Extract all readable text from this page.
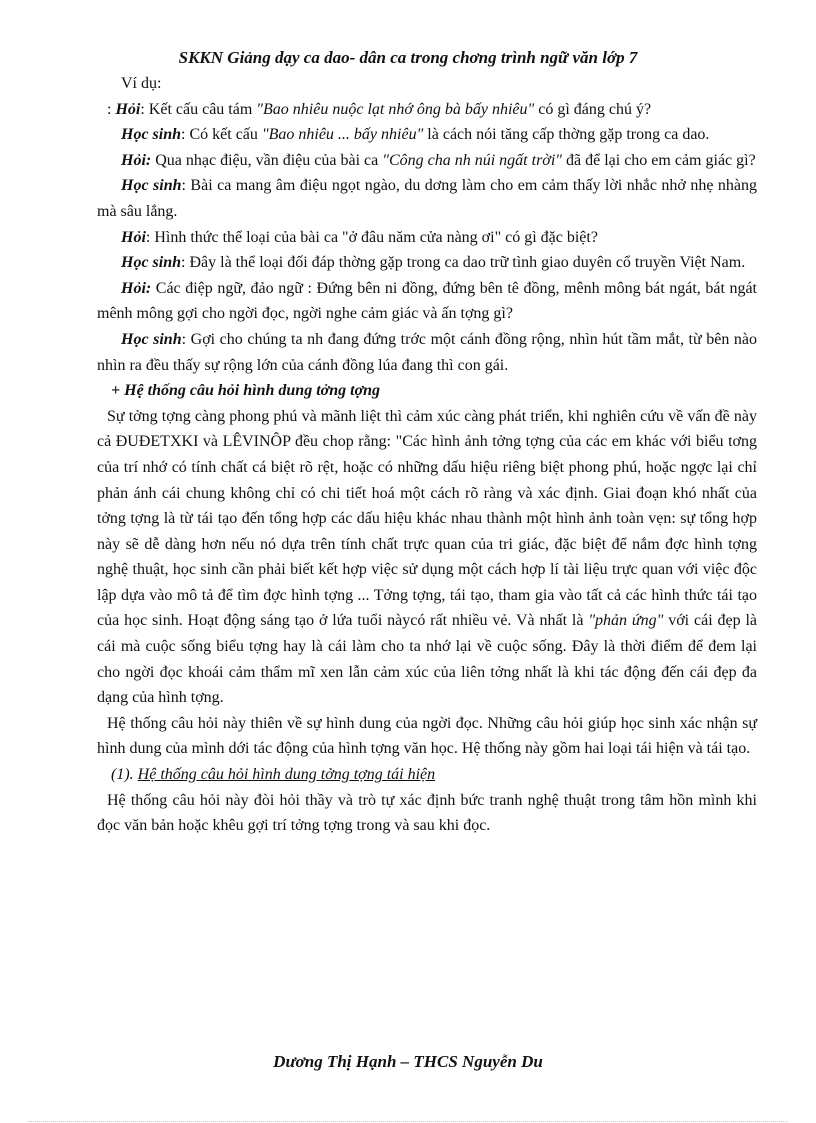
SKKN Giảng dạy ca dao- dân ca trong chơng trình ngữ văn lớp 7

Ví dụ:

: Hỏi: Kết cấu câu tám "Bao nhiêu nuộc lạt nhớ ông bà bấy nhiêu" có gì đáng chú ý?

Học sinh: Có kết cấu "Bao nhiêu ... bấy nhiêu" là cách nói tăng cấp thờng gặp trong ca dao.

Hỏi: Qua nhạc điệu, vần điệu của bài ca "Công cha nh núi ngất trời" đã để lại cho em cảm giác gì?

Học sinh: Bài ca mang âm điệu ngọt ngào, du dơng làm cho em cảm thấy lời nhắc nhở nhẹ nhàng mà sâu lắng.

Hỏi: Hình thức thể loại của bài ca "ở đâu năm cửa nàng ơi" có gì đặc biệt?

Học sinh: Đây là thể loại đối đáp thờng gặp trong ca dao trữ tình giao duyên cổ truyền Việt Nam.

Hỏi: Các điệp ngữ, đảo ngữ : Đứng bên ni đồng, đứng bên tê đồng, mênh mông bát ngát, bát ngát mênh mông gợi cho ngời đọc, ngời nghe cảm giác và ấn tợng gì?

Học sinh: Gợi cho chúng ta nh đang đứng trớc một cánh đồng rộng, nhìn hút tầm mắt, từ bên nào nhìn ra đều thấy sự rộng lớn của cánh đồng lúa đang thì con gái.

+ Hệ thống câu hỏi hình dung tởng tợng

Sự tởng tợng càng phong phú và mãnh liệt thì cảm xúc càng phát triển, khi nghiên cứu về vấn đề này cả ĐUĐETXKI và LÊVINÔP đều chop rằng: "Các hình ảnh tởng tợng của các em khác với biểu tơng của trí nhớ có tính chất cá biệt rõ rệt, hoặc có những dấu hiệu riêng biệt phong phú, hoặc ngợc lại chỉ phản ánh cái chung không chỉ có chi tiết hoá một cách rõ ràng và xác định. Giai đoạn khó nhất của tởng tợng là từ tái tạo đến tổng hợp các dấu hiệu khác nhau thành một hình ảnh toàn vẹn: sự tổng hợp này sẽ dễ dàng hơn nếu nó dựa trên tính chất trực quan của tri giác, đặc biệt để nắm đợc hình tợng nghệ thuật, học sinh cần phải biết kết hợp việc sử dụng một cách hợp lí tài liệu trực quan với việc độc lập dựa vào mô tả để tìm đợc hình tợng ... Tởng tợng, tái tạo, tham gia vào tất cả các hình thức tái tạo của học sinh. Hoạt động sáng tạo ở lứa tuổi nàycó rất nhiều vẻ. Và nhất là "phản ứng" với cái đẹp là cái mà cuộc sống biểu tợng hay là cái làm cho ta nhớ lại về cuộc sống. Đây là thời điểm để đem lại cho ngời đọc khoái cảm thẩm mĩ xen lẫn cảm xúc của liên tởng nhất là khi tác động đến cái đẹp đa dạng của hình tợng.

Hệ thống câu hỏi này thiên về sự hình dung của ngời đọc. Những câu hỏi giúp học sinh xác nhận sự hình dung của mình dới tác động của hình tợng văn học. Hệ thống này gồm hai loại tái hiện và tái tạo.

(1). Hệ thống câu hỏi hình dung tởng tợng tái hiện

Hệ thống câu hỏi này đòi hỏi thầy và trò tự xác định bức tranh nghệ thuật trong tâm hồn mình khi đọc văn bản hoặc khêu gợi trí tởng tợng trong và sau khi đọc.

Dương Thị Hạnh – THCS Nguyễn Du
